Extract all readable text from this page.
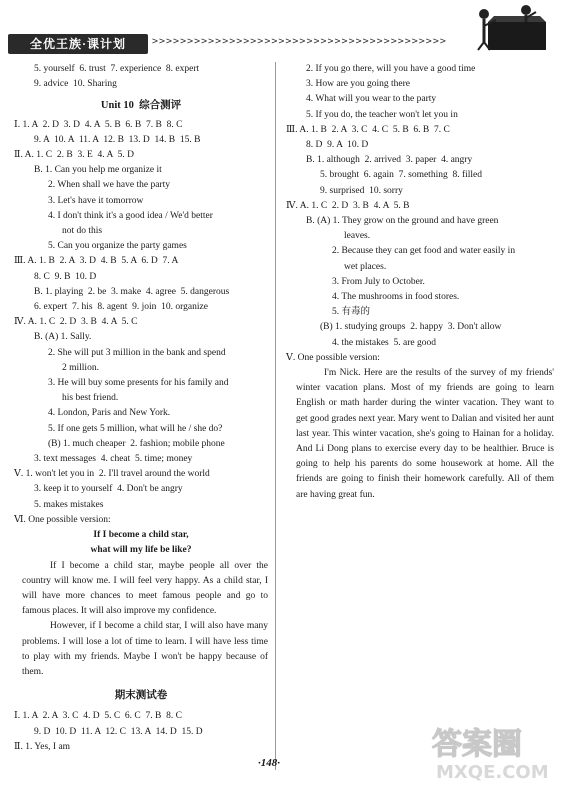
全优王族·课计划	>>>>>>>>>>>>>>>>>>>>>>>>>>>>>>>>>>>>>>>>>>
5. yourself  6. trust  7. experience  8. expert
9. advice  10. Sharing
Unit 10  综合测评
Ⅰ. 1. A  2. D  3. D  4. A  5. B  6. B  7. B  8. C
9. A  10. A  11. A  12. B  13. D  14. B  15. B
Ⅱ. A. 1. C  2. B  3. E  4. A  5. D
B. 1. Can you help me organize it
2. When shall we have the party
3. Let's have it tomorrow
4. I don't think it's a good idea / We'd better
not do this
5. Can you organize the party games
Ⅲ. A. 1. B  2. A  3. D  4. B  5. A  6. D  7. A
8. C  9. B  10. D
B. 1. playing  2. be  3. make  4. agree  5. dangerous
6. expert  7. his  8. agent  9. join  10. organize
Ⅳ. A. 1. C  2. D  3. B  4. A  5. C
B. (A) 1. Sally.
2. She will put 3 million in the bank and spend
2 million.
3. He will buy some presents for his family and
his best friend.
4. London, Paris and New York.
5. If one gets 5 million, what will he / she do?
(B) 1. much cheaper  2. fashion; mobile phone
3. text messages  4. cheat  5. time; money
Ⅴ. 1. won't let you in  2. I'll travel around the world
3. keep it to yourself  4. Don't be angry
5. makes mistakes
Ⅵ. One possible version:
If I become a child star,
what will my life be like?
If I become a child star, maybe people all over the country will know me. I will feel very happy. As a child star, I will have more chances to meet famous people and go to famous places. It will also improve my confidence.
However, if I become a child star, I will also have many problems. I will lose a lot of time to learn. I will have less time to play with my friends. Maybe I won't be happy because of them.
期末测试卷
Ⅰ. 1. A  2. A  3. C  4. D  5. C  6. C  7. B  8. C
9. D  10. D  11. A  12. C  13. A  14. D  15. D
Ⅱ. 1. Yes, I am
2. If you go there, will you have a good time
3. How are you going there
4. What will you wear to the party
5. If you do, the teacher won't let you in
Ⅲ. A. 1. B  2. A  3. C  4. C  5. B  6. B  7. C
8. D  9. A  10. D
B. 1. although  2. arrived  3. paper  4. angry
5. brought  6. again  7. something  8. filled
9. surprised  10. sorry
Ⅳ. A. 1. C  2. D  3. B  4. A  5. B
B. (A) 1. They grow on the ground and have green
leaves.
2. Because they can get food and water easily in
wet places.
3. From July to October.
4. The mushrooms in food stores.
5. 有毒的
(B) 1. studying groups  2. happy  3. Don't allow
4. the mistakes  5. are good
Ⅴ. One possible version:
I'm Nick. Here are the results of the survey of my friends' winter vacation plans. Most of my friends are going to learn English or math harder during the winter vacation. They want to get good grades next year. Mary went to Dalian and visited her aunt last year. This winter vacation, she's going to Hainan for a holiday. And Li Dong plans to exercise every day to be healthier. Bruce is going to help his parents do some housework at home. All the friends are going to finish their homework carefully. All of them are having great fun.
·148·
答案圈
MXQE.COM
